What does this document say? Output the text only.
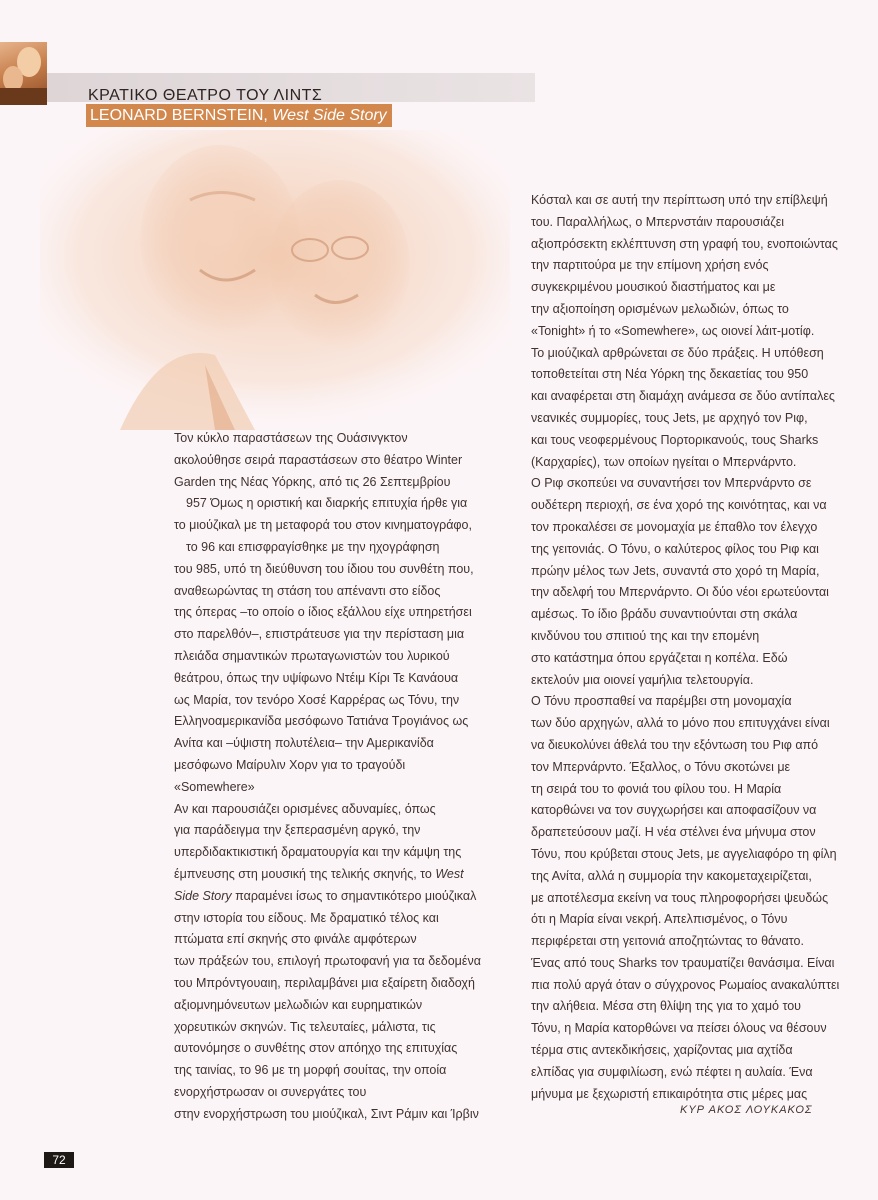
ΚΡΑΤΙΚΟ ΘΕΑΤΡΟ ΤΟΥ ΛΙΝΤΣ
LEONARD BERNSTEIN, West Side Story
Τον κύκλο παραστάσεων της Ουάσινγκτον
ακολούθησε σειρά παραστάσεων στο θέατρο Winter
Garden της Νέας Υόρκης, από τις 26 Σεπτεμβρίου
957 Όμως η οριστική και διαρκής επιτυχία ήρθε για
το μιούζικαλ με τη μεταφορά του στον κινηματογράφο,
το 96 και επισφραγίσθηκε με την ηχογράφηση
του 985, υπό τη διεύθυνση του ίδιου του συνθέτη που,
αναθεωρώντας τη στάση του απέναντι στο είδος
της όπερας –το οποίο ο ίδιος εξάλλου είχε υπηρετήσει
στο παρελθόν–, επιστράτευσε για την περίσταση μια
πλειάδα σημαντικών πρωταγωνιστών του λυρικού
θεάτρου, όπως την υψίφωνο Ντέιμ Κίρι Τε Κανάουα
ως Μαρία, τον τενόρο Χοσέ Καρρέρας ως Τόνυ, την
Ελληνοαμερικανίδα μεσόφωνο Τατιάνα Τρογιάνος ως
Ανίτα και –ύψιστη πολυτέλεια– την Αμερικανίδα
μεσόφωνο Μαίρυλιν Χορν για το τραγούδι
«Somewhere»
Αν και παρουσιάζει ορισμένες αδυναμίες, όπως
για παράδειγμα την ξεπερασμένη αργκό, την
υπερδιδακτικιστική δραματουργία και την κάμψη της
έμπνευσης στη μουσική της τελικής σκηνής, το West
Side Story παραμένει ίσως το σημαντικότερο μιούζικαλ
στην ιστορία του είδους. Με δραματικό τέλος και
πτώματα επί σκηνής στο φινάλε αμφότερων
των πράξεών του, επιλογή πρωτοφανή για τα δεδομένα
του Μπρόντγουαιη, περιλαμβάνει μια εξαίρετη διαδοχή
αξιομνημόνευτων μελωδιών και ευρηματικών
χορευτικών σκηνών. Τις τελευταίες, μάλιστα, τις
αυτονόμησε ο συνθέτης στον απόηχο της επιτυχίας
της ταινίας, το 96 με τη μορφή σουίτας, την οποία
ενορχήστρωσαν οι συνεργάτες του
στην ενορχήστρωση του μιούζικαλ, Σιντ Ράμιν και Ίρβιν
Κόσταλ και σε αυτή την περίπτωση υπό την επίβλεψή
του. Παραλλήλως, ο Μπερνστάιν παρουσιάζει
αξιοπρόσεκτη εκλέπτυνση στη γραφή του, ενοποιώντας
την παρτιτούρα με την επίμονη χρήση ενός
συγκεκριμένου μουσικού διαστήματος και με
την αξιοποίηση ορισμένων μελωδιών, όπως το
«Tonight» ή το «Somewhere», ως οιονεί λάιτ-μοτίφ.
Το μιούζικαλ αρθρώνεται σε δύο πράξεις. Η υπόθεση
τοποθετείται στη Νέα Υόρκη της δεκαετίας του 950
και αναφέρεται στη διαμάχη ανάμεσα σε δύο αντίπαλες
νεανικές συμμορίες, τους Jets, με αρχηγό τον Ριφ,
και τους νεοφερμένους Πορτορικανούς, τους Sharks
(Καρχαρίες), των οποίων ηγείται ο Μπερνάρντο.
Ο Ριφ σκοπεύει να συναντήσει τον Μπερνάρντο σε
ουδέτερη περιοχή, σε ένα χορό της κοινότητας, και να
τον προκαλέσει σε μονομαχία με έπαθλο τον έλεγχο
της γειτονιάς. Ο Τόνυ, ο καλύτερος φίλος του Ριφ και
πρώην μέλος των Jets, συναντά στο χορό τη Μαρία,
την αδελφή του Μπερνάρντο. Οι δύο νέοι ερωτεύονται
αμέσως. Το ίδιο βράδυ συναντιούνται στη σκάλα
κινδύνου του σπιτιού της και την επομένη
στο κατάστημα όπου εργάζεται η κοπέλα. Εδώ
εκτελούν μια οιονεί γαμήλια τελετουργία.
Ο Τόνυ προσπαθεί να παρέμβει στη μονομαχία
των δύο αρχηγών, αλλά το μόνο που επιτυγχάνει είναι
να διευκολύνει άθελά του την εξόντωση του Ριφ από
τον Μπερνάρντο. Έξαλλος, ο Τόνυ σκοτώνει με
τη σειρά του το φονιά του φίλου του. Η Μαρία
κατορθώνει να τον συγχωρήσει και αποφασίζουν να
δραπετεύσουν μαζί. Η νέα στέλνει ένα μήνυμα στον
Τόνυ, που κρύβεται στους Jets, με αγγελιαφόρο τη φίλη
της Ανίτα, αλλά η συμμορία την κακομεταχειρίζεται,
με αποτέλεσμα εκείνη να τους πληροφορήσει ψευδώς
ότι η Μαρία είναι νεκρή. Απελπισμένος, ο Τόνυ
περιφέρεται στη γειτονιά αποζητώντας το θάνατο.
Ένας από τους Sharks τον τραυματίζει θανάσιμα. Είναι
πια πολύ αργά όταν ο σύγχρονος Ρωμαίος ανακαλύπτει
την αλήθεια. Μέσα στη θλίψη της για το χαμό του
Τόνυ, η Μαρία κατορθώνει να πείσει όλους να θέσουν
τέρμα στις αντεκδικήσεις, χαρίζοντας μια αχτίδα
ελπίδας για συμφιλίωση, ενώ πέφτει η αυλαία. Ένα
μήνυμα με ξεχωριστή επικαιρότητα στις μέρες μας
ΚΥΡ ΑΚΟΣ ΛΟΥΚΑΚΟΣ
72
